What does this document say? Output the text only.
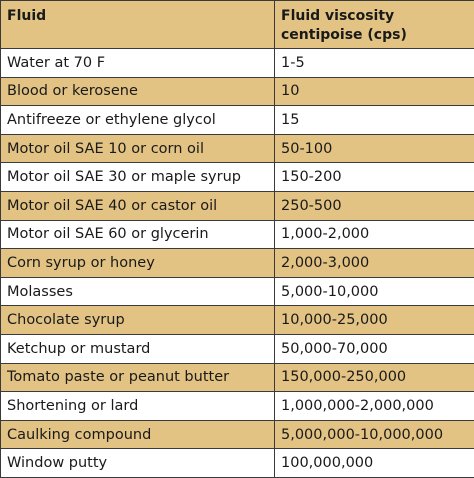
Fluid	Fluid viscosity centipoise (cps)
Water at 70 F	1-5
Blood or kerosene	10
Antifreeze or ethylene glycol	15
Motor oil SAE 10 or corn oil	50-100
Motor oil SAE 30 or maple syrup	150-200
Motor oil SAE 40 or castor oil	250-500
Motor oil SAE 60 or glycerin	1,000-2,000
Corn syrup or honey	2,000-3,000
Molasses	5,000-10,000
Chocolate syrup	10,000-25,000
Ketchup or mustard	50,000-70,000
Tomato paste or peanut butter	150,000-250,000
Shortening or lard	1,000,000-2,000,000
Caulking compound	5,000,000-10,000,000
Window putty	100,000,000
